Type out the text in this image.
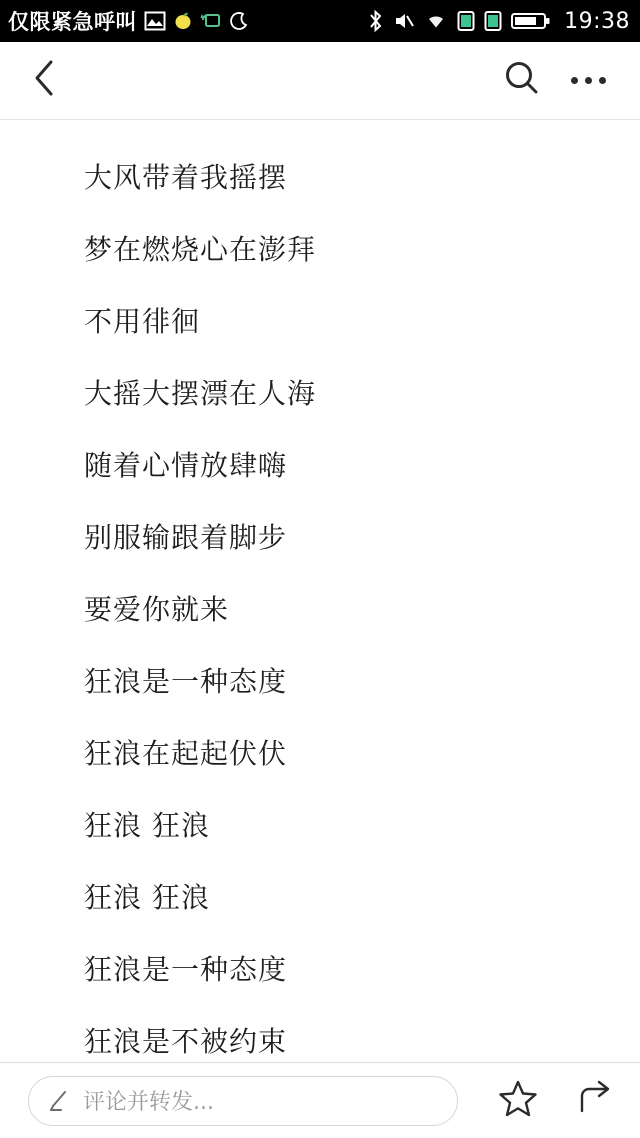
仅限紧急呼叫	19:38
大风带着我摇摆
梦在燃烧心在澎拜
不用徘徊
大摇大摆漂在人海
随着心情放肆嗨
别服输跟着脚步
要爱你就来
狂浪是一种态度
狂浪在起起伏伏
狂浪 狂浪
狂浪 狂浪
狂浪是一种态度
狂浪是不被约束
评论并转发...
